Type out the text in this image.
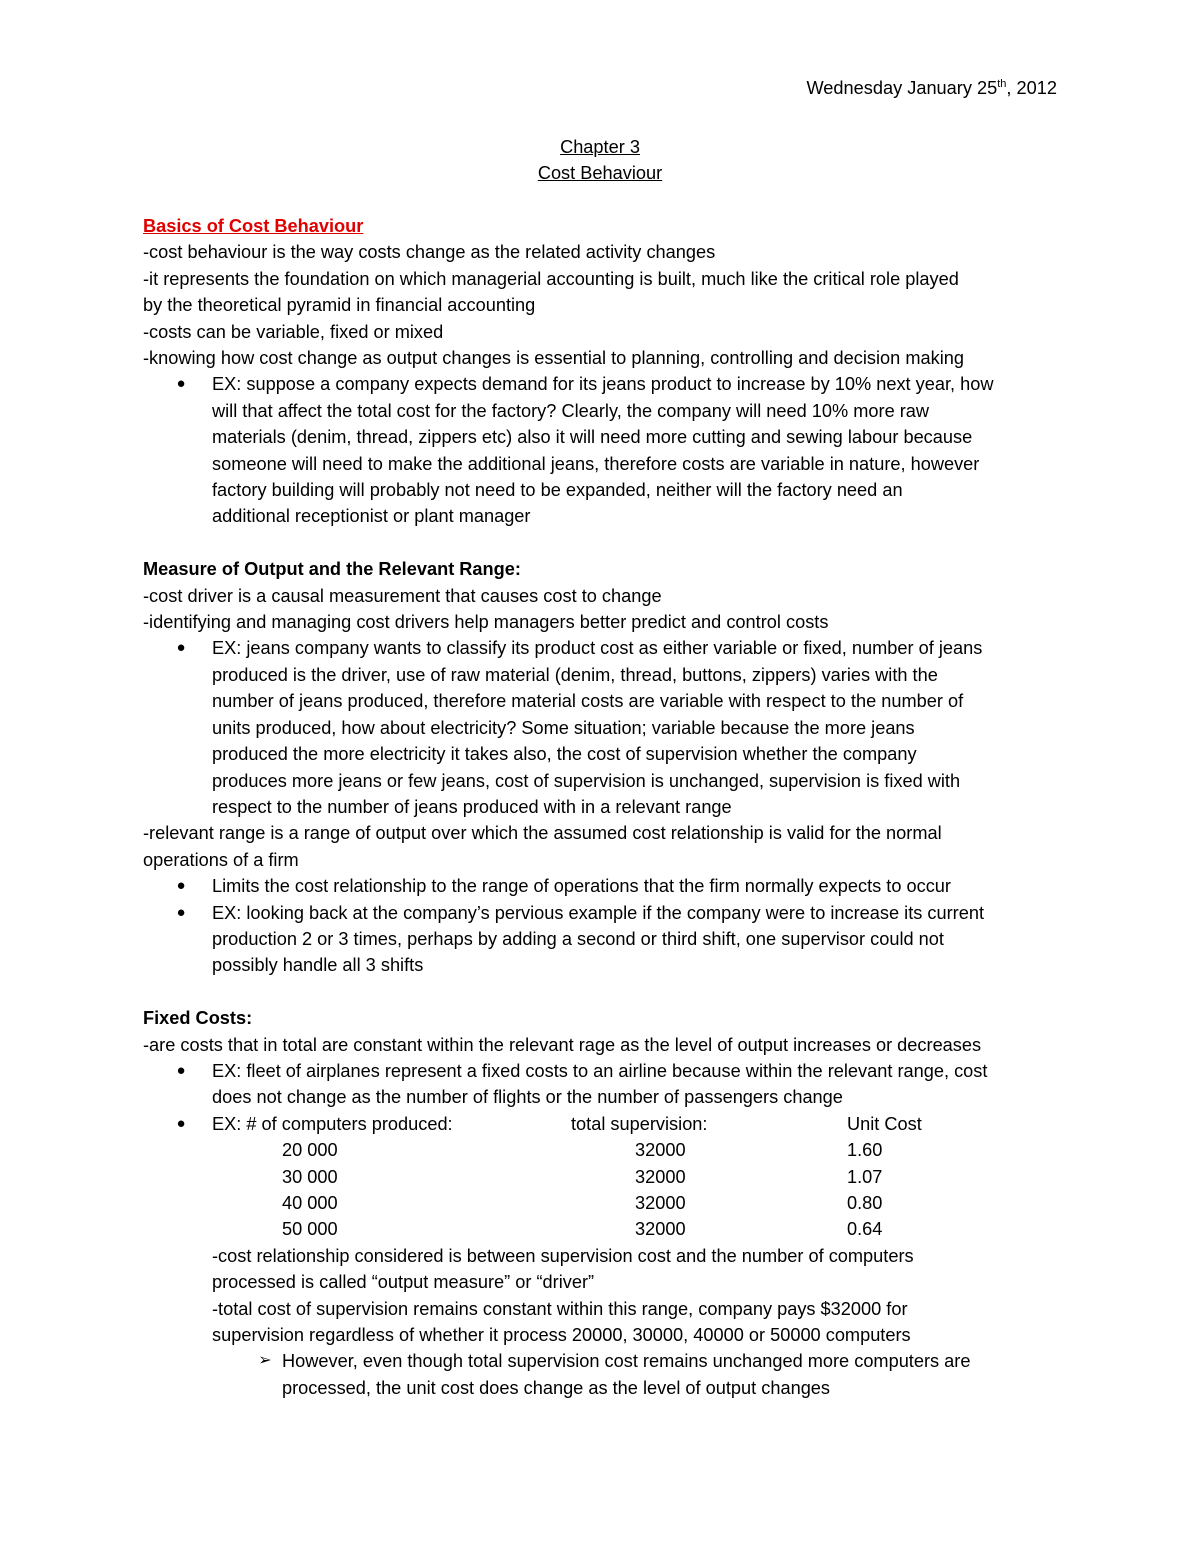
Wednesday January 25th, 2012
Chapter 3
Cost Behaviour
Basics of Cost Behaviour
-cost behaviour is the way costs change as the related activity changes
-it represents the foundation on which managerial accounting is built, much like the critical role played
by the theoretical pyramid in financial accounting
-costs can be variable, fixed or mixed
-knowing how cost change as output changes is essential to planning, controlling and decision making
●	EX: suppose a company expects demand for its jeans product to increase by 10% next year, how
will that affect the total cost for the factory? Clearly, the company will need 10% more raw
materials (denim, thread, zippers etc) also it will need more cutting and sewing labour because
someone will need to make the additional jeans, therefore costs are variable in nature, however
factory building will probably not need to be expanded, neither will the factory need an
additional receptionist or plant manager
Measure of Output and the Relevant Range:
-cost driver is a causal measurement that causes cost to change
-identifying and managing cost drivers help managers better predict and control costs
●	EX: jeans company wants to classify its product cost as either variable or fixed, number of jeans
produced is the driver, use of raw material (denim, thread, buttons, zippers) varies with the
number of jeans produced, therefore material costs are variable with respect to the number of
units produced, how about electricity? Some situation; variable because the more jeans
produced the more electricity it takes also, the cost of supervision whether the company
produces more jeans or few jeans, cost of supervision is unchanged, supervision is fixed with
respect to the number of jeans produced with in a relevant range
-relevant range is a range of output over which the assumed cost relationship is valid for the normal
operations of a firm
●	Limits the cost relationship to the range of operations that the firm normally expects to occur
●	EX: looking back at the company’s pervious example if the company were to increase its current
production 2 or 3 times, perhaps by adding a second or third shift, one supervisor could not
possibly handle all 3 shifts
Fixed Costs:
-are costs that in total are constant within the relevant rage as the level of output increases or decreases
●	EX: fleet of airplanes represent a fixed costs to an airline because within the relevant range, cost
does not change as the number of flights or the number of passengers change
●	EX: # of computers produced:	total supervision:	Unit Cost
20 000	32000	1.60
30 000	32000	1.07
40 000	32000	0.80
50 000	32000	0.64
-cost relationship considered is between supervision cost and the number of computers
processed is called “output measure” or “driver”
-total cost of supervision remains constant within this range, company pays $32000 for
supervision regardless of whether it process 20000, 30000, 40000 or 50000 computers
➢ However, even though total supervision cost remains unchanged more computers are
processed, the unit cost does change as the level of output changes
